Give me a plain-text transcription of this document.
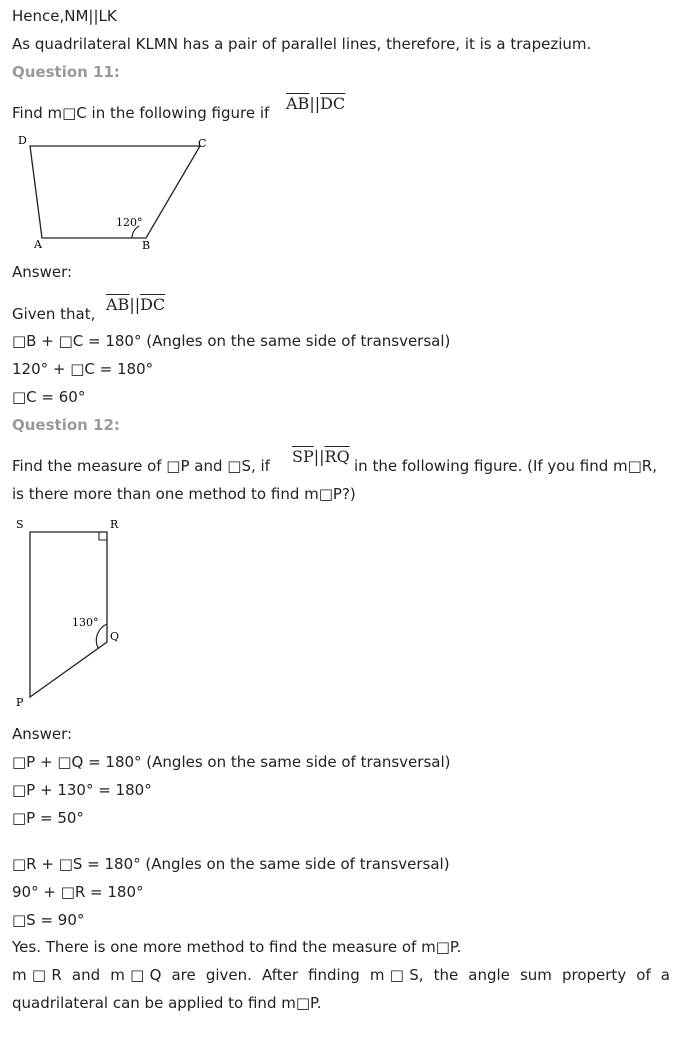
Hence,NM||LK
As quadrilateral KLMN has a pair of parallel lines, therefore, it is a trapezium.
Question 11:
Find m□C in the following figure if $\overline{AB}||\overline{DC}$
D	C
A	B
120°
Answer:
Given that, $\overline{AB}||\overline{DC}$
□B + □C = 180° (Angles on the same side of transversal)
120° + □C = 180°
□C = 60°
Question 12:
Find the measure of □P and □S, if $\overline{SP}||\overline{RQ}$ in the following figure. (If you find m□R,
is there more than one method to find m□P?)
S	R
P
Q
130°
Answer:
□P + □Q = 180° (Angles on the same side of transversal)
□P + 130° = 180°
□P = 50°
□R + □S = 180° (Angles on the same side of transversal)
90° + □R = 180°
□S = 90°
Yes. There is one more method to find the measure of m□P.
m□R and m□Q are given. After finding m□S, the angle sum property of a
quadrilateral can be applied to find m□P.
